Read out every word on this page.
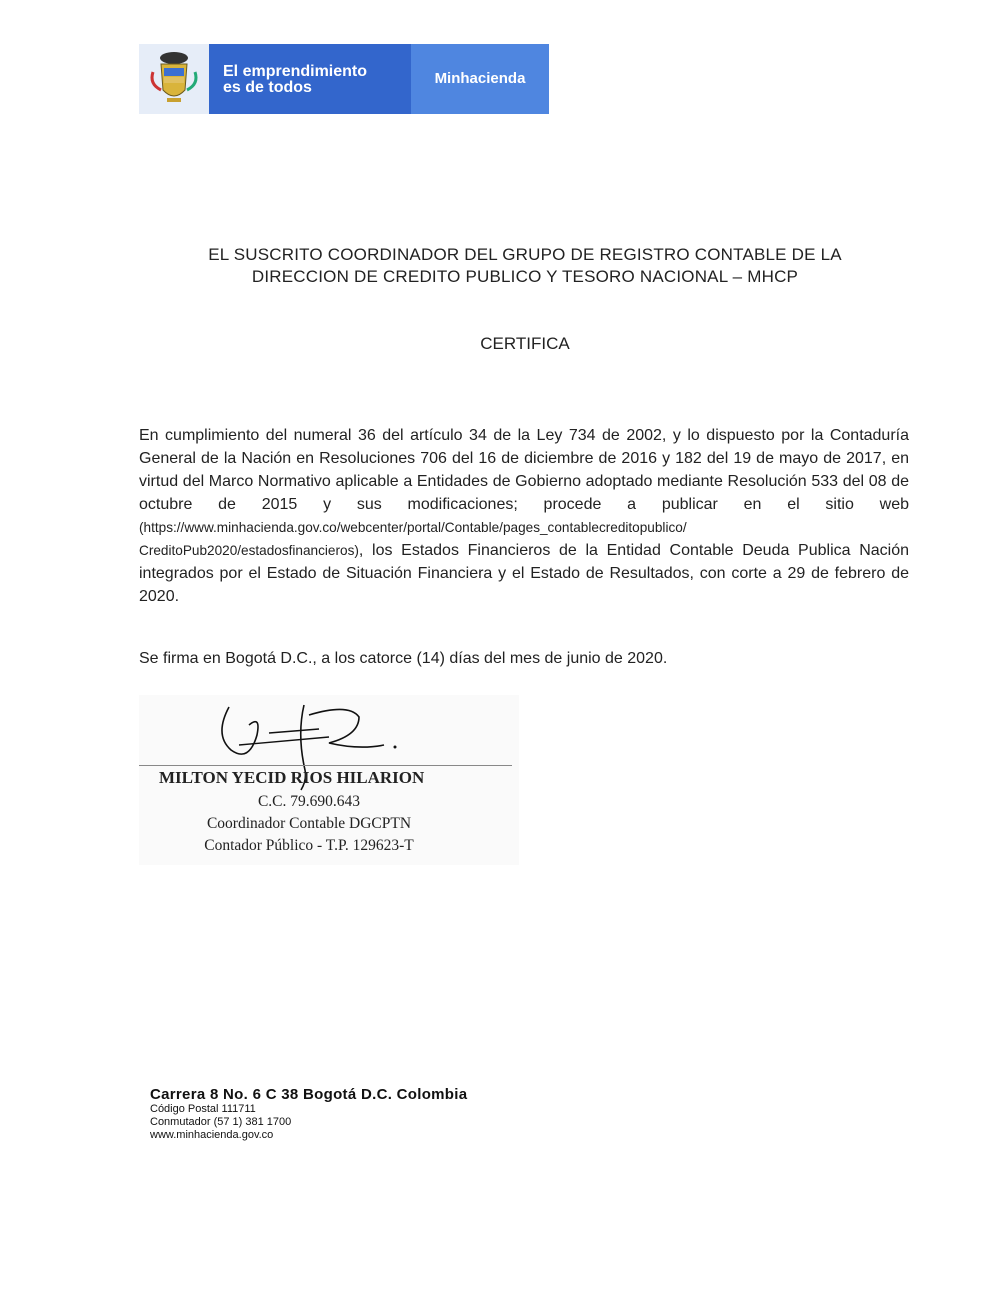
El emprendimiento
es de todos
Minhacienda
EL SUSCRITO COORDINADOR DEL GRUPO DE REGISTRO CONTABLE DE LA
DIRECCION DE CREDITO PUBLICO Y TESORO NACIONAL – MHCP
CERTIFICA
En cumplimiento del numeral 36 del artículo 34 de la Ley 734 de 2002, y lo dispuesto por la Contaduría General de la Nación en Resoluciones 706 del 16 de diciembre de 2016 y 182 del 19 de mayo de 2017, en virtud del Marco Normativo aplicable a Entidades de Gobierno adoptado mediante Resolución 533 del 08 de octubre de 2015 y sus modificaciones; procede a publicar en el sitio web (https://www.minhacienda.gov.co/webcenter/portal/Contable/pages_contablecreditopublico/ CreditoPub2020/estadosfinancieros), los Estados Financieros de la Entidad Contable Deuda Publica Nación integrados por el Estado de Situación Financiera y el Estado de Resultados, con corte a 29 de febrero de 2020.
Se firma en Bogotá D.C., a los catorce (14) días del mes de junio de 2020.
MILTON YECID RIOS HILARION
C.C. 79.690.643
Coordinador Contable DGCPTN
Contador Público - T.P. 129623-T
Carrera 8 No. 6 C 38 Bogotá D.C. Colombia
Código Postal 111711
Conmutador (57 1) 381 1700
www.minhacienda.gov.co
